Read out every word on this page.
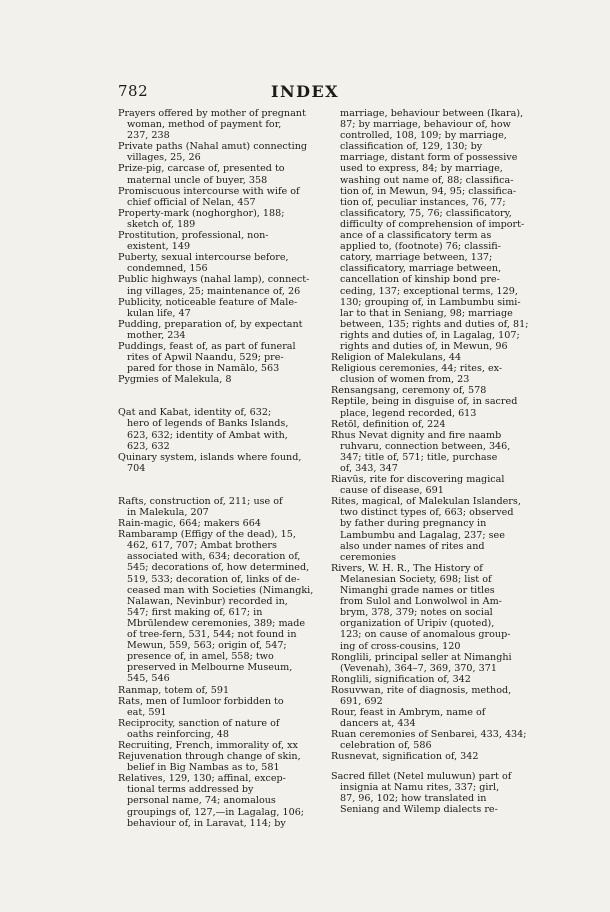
782	INDEX
Prayers offered by mother of pregnant
woman, method of payment for,
237, 238
Private paths (Nahal amut) connecting
villages, 25, 26
Prize-pig, carcase of, presented to
maternal uncle of buyer, 358
Promiscuous intercourse with wife of
chief official of Nelan, 457
Property-mark (noghorghor), 188;
sketch of, 189
Prostitution, professional, non-
existent, 149
Puberty, sexual intercourse before,
condemned, 156
Public highways (nahal lamp), connect-
ing villages, 25; maintenance of, 26
Publicity, noticeable feature of Male-
kulan life, 47
Pudding, preparation of, by expectant
mother, 234
Puddings, feast of, as part of funeral
rites of Apwil Naandu, 529; pre-
pared for those in Namālo, 563
Pygmies of Malekula, 8
Qat and Kabat, identity of, 632;
hero of legends of Banks Islands,
623, 632; identity of Ambat with,
623, 632
Quinary system, islands where found,
704
Rafts, construction of, 211; use of
in Malekula, 207
Rain-magic, 664; makers 664
Rambaramp (Effigy of the dead), 15,
462, 617, 707; Ambat brothers
associated with, 634; decoration of,
545; decorations of, how determined,
519, 533; decoration of, links of de-
ceased man with Societies (Nimangki,
Nalawan, Nevinbur) recorded in,
547; first making of, 617; in
Mbrūlendew ceremonies, 389; made
of tree-fern, 531, 544; not found in
Mewun, 559, 563; origin of, 547;
presence of, in amel, 558; two
preserved in Melbourne Museum,
545, 546
Ranmap, totem of, 591
Rats, men of Iumloor forbidden to
eat, 591
Reciprocity, sanction of nature of
oaths reinforcing, 48
Recruiting, French, immorality of, xx
Rejuvenation through change of skin,
belief in Big Nambas as to, 581
Relatives, 129, 130; affinal, excep-
tional terms addressed by
personal name, 74; anomalous
groupings of, 127,—in Lagalag, 106;
behaviour of, in Laravat, 114; by
marriage, behaviour between (Ikara),
87; by marriage, behaviour of, how
controlled, 108, 109; by marriage,
classification of, 129, 130; by
marriage, distant form of possessive
used to express, 84; by marriage,
washing out name of, 88; classifica-
tion of, in Mewun, 94, 95; classifica-
tion of, peculiar instances, 76, 77;
classificatory, 75, 76; classificatory,
difficulty of comprehension of import-
ance of a classificatory term as
applied to, (footnote) 76; classifi-
catory, marriage between, 137;
classificatory, marriage between,
cancellation of kinship bond pre-
ceding, 137; exceptional terms, 129,
130; grouping of, in Lambumbu simi-
lar to that in Seniang, 98; marriage
between, 135; rights and duties of, 81;
rights and duties of, in Lagalag, 107;
rights and duties of, in Mewun, 96
Religion of Malekulans, 44
Religious ceremonies, 44; rites, ex-
clusion of women from, 23
Rensangsang, ceremony of, 578
Reptile, being in disguise of, in sacred
place, legend recorded, 613
Retōl, definition of, 224
Rhus Nevat dignity and fire naamb
ruhvaru, connection between, 346,
347; title of, 571; title, purchase
of, 343, 347
Riavūs, rite for discovering magical
cause of disease, 691
Rites, magical, of Malekulan Islanders,
two distinct types of, 663; observed
by father during pregnancy in
Lambumbu and Lagalag, 237; see
also under names of rites and
ceremonies
Rivers, W. H. R., The History of
Melanesian Society, 698; list of
Nimanghi grade names or titles
from Sulol and Lonwolwol in Am-
brym, 378, 379; notes on social
organization of Uripiv (quoted),
123; on cause of anomalous group-
ing of cross-cousins, 120
Ronglili, principal seller at Nimanghi
(Vevenah), 364–7, 369, 370, 371
Ronglili, signification of, 342
Rosuvwan, rite of diagnosis, method,
691, 692
Rour, feast in Ambrym, name of
dancers at, 434
Ruan ceremonies of Senbarei, 433, 434;
celebration of, 586
Rusnevat, signification of, 342
Sacred fillet (Netel muluwun) part of
insignia at Namu rites, 337; girl,
87, 96, 102; how translated in
Seniang and Wilemp dialects re-
